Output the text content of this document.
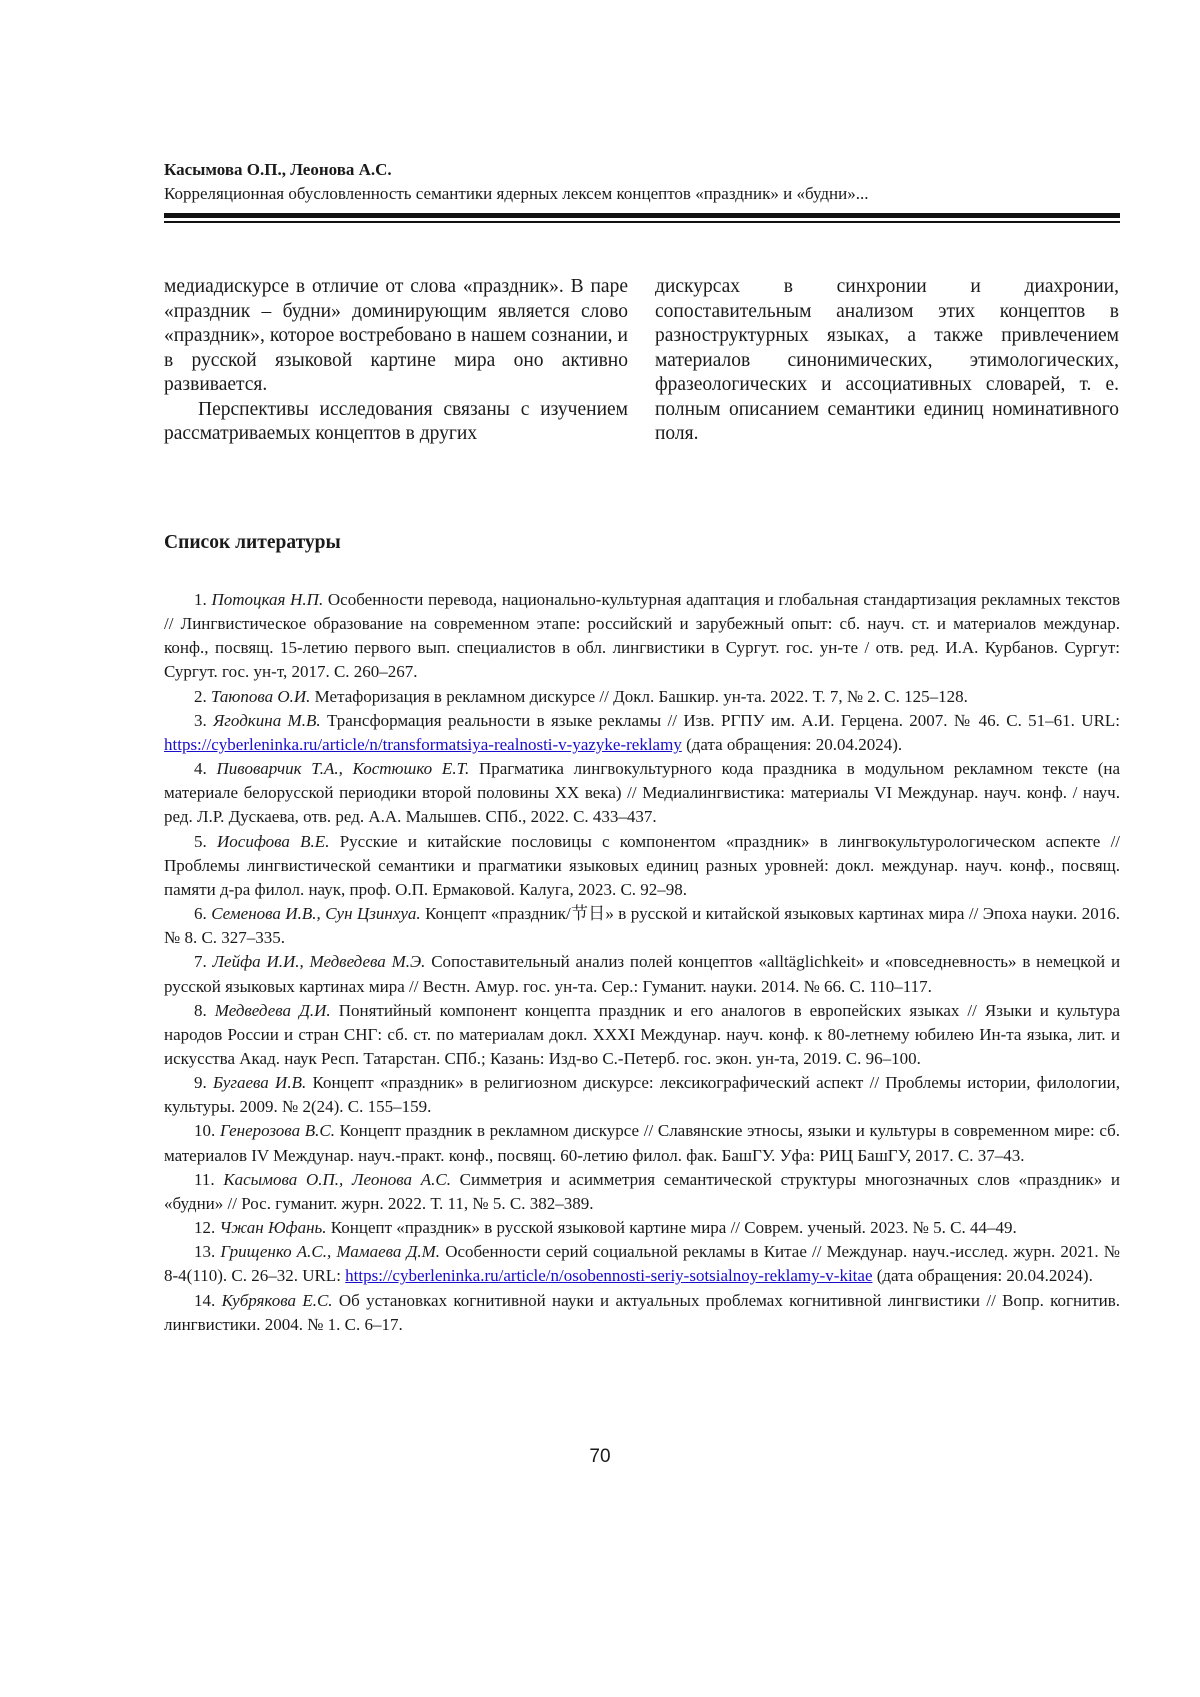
Касымова О.П., Леонова А.С.
Корреляционная обусловленность семантики ядерных лексем концептов «праздник» и «будни»...

медиадискурсе в отличие от слова «праздник». В паре «праздник – будни» доминирующим является слово «праздник», которое востребовано в нашем сознании, и в русской языковой картине мира оно активно развивается.

Перспективы исследования связаны с изучением рассматриваемых концептов в других

дискурсах в синхронии и диахронии, сопоставительным анализом этих концептов в разноструктурных языках, а также привлечением материалов синонимических, этимологических, фразеологических и ассоциативных словарей, т. е. полным описанием семантики единиц номинативного поля.

Список литературы

1. Потоцкая Н.П. Особенности перевода, национально-культурная адаптация и глобальная стандартизация рекламных текстов // Лингвистическое образование на современном этапе: российский и зарубежный опыт: сб. науч. ст. и материалов междунар. конф., посвящ. 15-летию первого вып. специалистов в обл. лингвистики в Сургут. гос. ун-те / отв. ред. И.А. Курбанов. Сургут: Сургут. гос. ун-т, 2017. С. 260–267.

2. Таюпова О.И. Метафоризация в рекламном дискурсе // Докл. Башкир. ун-та. 2022. Т. 7, № 2. С. 125–128.

3. Ягодкина М.В. Трансформация реальности в языке рекламы // Изв. РГПУ им. А.И. Герцена. 2007. № 46. С. 51–61. URL: https://cyberleninka.ru/article/n/transformatsiya-realnosti-v-yazyke-reklamy (дата обращения: 20.04.2024).

4. Пивоварчик Т.А., Костюшко Е.Т. Прагматика лингвокультурного кода праздника в модульном рекламном тексте (на материале белорусской периодики второй половины XX века) // Медиалингвистика: материалы VI Междунар. науч. конф. / науч. ред. Л.Р. Дускаева, отв. ред. А.А. Малышев. СПб., 2022. С. 433–437.

5. Иосифова В.Е. Русские и китайские пословицы с компонентом «праздник» в лингвокультурологическом аспекте // Проблемы лингвистической семантики и прагматики языковых единиц разных уровней: докл. междунар. науч. конф., посвящ. памяти д-ра филол. наук, проф. О.П. Ермаковой. Калуга, 2023. С. 92–98.

6. Семенова И.В., Сун Цзинхуа. Концепт «праздник/节日» в русской и китайской языковых картинах мира // Эпоха науки. 2016. № 8. С. 327–335.

7. Лейфа И.И., Медведева М.Э. Сопоставительный анализ полей концептов «alltäglichkeit» и «повседневность» в немецкой и русской языковых картинах мира // Вестн. Амур. гос. ун-та. Сер.: Гуманит. науки. 2014. № 66. С. 110–117.

8. Медведева Д.И. Понятийный компонент концепта праздник и его аналогов в европейских языках // Языки и культура народов России и стран СНГ: сб. ст. по материалам докл. XXXI Междунар. науч. конф. к 80-летнему юбилею Ин-та языка, лит. и искусства Акад. наук Респ. Татарстан. СПб.; Казань: Изд-во С.-Петерб. гос. экон. ун-та, 2019. С. 96–100.

9. Бугаева И.В. Концепт «праздник» в религиозном дискурсе: лексикографический аспект // Проблемы истории, филологии, культуры. 2009. № 2(24). С. 155–159.

10. Генерозова В.С. Концепт праздник в рекламном дискурсе // Славянские этносы, языки и культуры в современном мире: сб. материалов IV Междунар. науч.-практ. конф., посвящ. 60-летию филол. фак. БашГУ. Уфа: РИЦ БашГУ, 2017. С. 37–43.

11. Касымова О.П., Леонова А.С. Симметрия и асимметрия семантической структуры многозначных слов «праздник» и «будни» // Рос. гуманит. журн. 2022. Т. 11, № 5. С. 382–389.

12. Чжан Юфань. Концепт «праздник» в русской языковой картине мира // Соврем. ученый. 2023. № 5. С. 44–49.

13. Грищенко А.С., Мамаева Д.М. Особенности серий социальной рекламы в Китае // Междунар. науч.-исслед. журн. 2021. № 8-4(110). С. 26–32. URL: https://cyberleninka.ru/article/n/osobennosti-seriy-sotsialnoy-reklamy-v-kitae (дата обращения: 20.04.2024).

14. Кубрякова Е.С. Об установках когнитивной науки и актуальных проблемах когнитивной лингвистики // Вопр. когнитив. лингвистики. 2004. № 1. С. 6–17.

70
